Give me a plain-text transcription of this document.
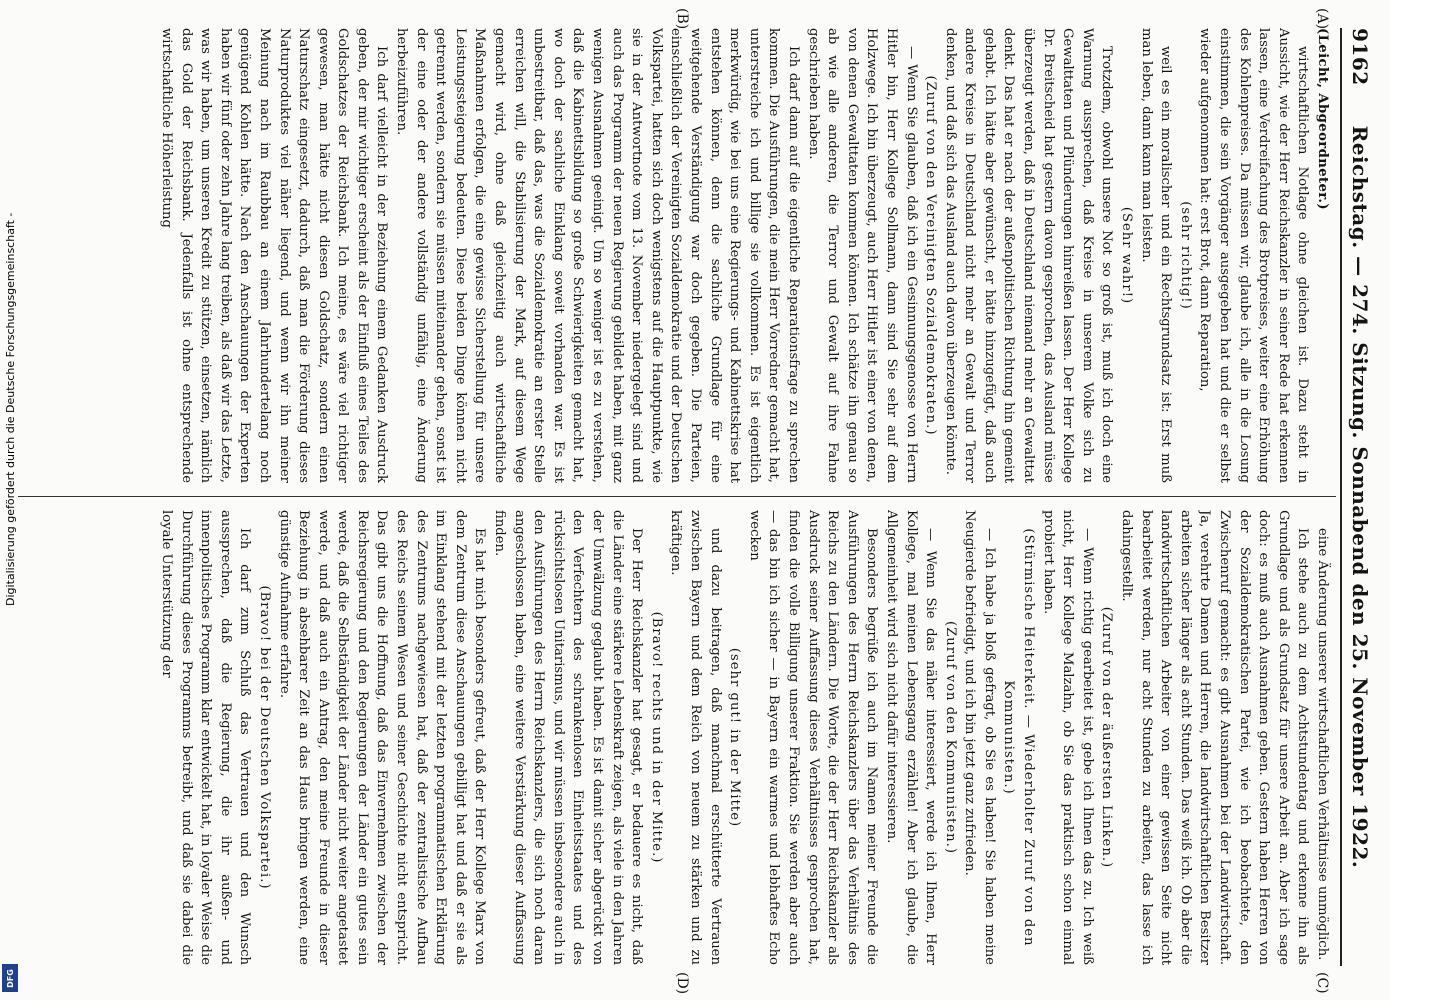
9162
Reichstag. — 274. Sitzung. Sonnabend den 25. November 1922.
(A)
(B)
(C)
(D)

(Leicht, Abgeordneter.)

wirtschaftlichen Notlage ohne gleichen ist. Dazu steht in Aussicht, wie der Herr Reichskanzler in seiner Rede hat erkennen lassen, eine Verdreifachung des Brotpreises, weiter eine Erhöhung des Kohlenpreises. Da müssen wir, glaube ich, alle in die Losung einstimmen, die sein Vorgänger ausgegeben hat und die er selbst wieder aufgenommen hat: erst Brot, dann Reparation,

(sehr richtig!)

weil es ein moralischer und ein Rechtsgrundsatz ist: Erst muß man leben, dann kann man leisten.

(Sehr wahr!)

Trotzdem, obwohl unsere Not so groß ist, muß ich doch eine Warnung aussprechen, daß Kreise in unserem Volke sich zu Gewalttaten und Plünderungen hinreißen lassen. Der Herr Kollege Dr. Breitscheid hat gestern davon gesprochen, das Ausland müsse überzeugt werden, daß in Deutschland niemand mehr an Gewalttat denkt. Das hat er nach der außenpolitischen Richtung hin gemeint gehabt. Ich hätte aber gewünscht, er hätte hinzugefügt, daß auch andere Kreise in Deutschland nicht mehr an Gewalt und Terror denken, und daß sich das Ausland auch davon überzeugen könnte.

(Zuruf von den Vereinigten Sozialdemokraten.)

— Wenn Sie glauben, daß ich ein Gesinnungsgenosse von Herrn Hitler bin, Herr Kollege Sollmann, dann sind Sie sehr auf dem Holzwege. Ich bin überzeugt, auch Herr Hitler ist einer von denen, von denen Gewalttaten kommen können. Ich schätze ihn genau so ab wie alle anderen, die Terror und Gewalt auf ihre Fahne geschrieben haben.

Ich darf dann auf die eigentliche Reparationsfrage zu sprechen kommen. Die Ausführungen, die mein Herr Vorredner gemacht hat, unterstreiche ich und billige sie vollkommen. Es ist eigentlich merkwürdig, wie bei uns eine Regierungs- und Kabinettskrise hat entstehen können, denn die sachliche Grundlage für eine weitgehende Verständigung war doch gegeben. Die Parteien, einschließlich der Vereinigten Sozialdemokratie und der Deutschen Volkspartei, hatten sich doch wenigstens auf die Hauptpunkte, wie sie in der Antwortnote vom 13. November niedergelegt sind und auch das Programm der neuen Regierung gebildet haben, mit ganz wenigen Ausnahmen geeinigt. Um so weniger ist es zu verstehen, daß die Kabinettsbildung so große Schwierigkeiten gemacht hat, wo doch der sachliche Einklang soweit vorhanden war. Es ist unbestreitbar, daß das, was die Sozialdemokratie an erster Stelle erreichen will, die Stabilisierung der Mark, auf diesem Wege gemacht wird, ohne daß gleichzeitig auch wirtschaftliche Maßnahmen erfolgen, die eine gewisse Sicherstellung für unsere Leistungssteigerung bedeuten. Diese beiden Dinge können nicht getrennt werden, sondern sie müssen miteinander gehen, sonst ist der eine oder der andere vollständig unfähig, eine Änderung herbeizuführen.

Ich darf vielleicht in der Beziehung einem Gedanken Ausdruck geben, der mir wichtiger erscheint als der Einfluß eines Teiles des Goldschatzes der Reichsbank. Ich meine, es wäre viel richtiger gewesen, man hätte nicht diesen Goldschatz, sondern einen Naturschatz eingesetzt, dadurch, daß man die Förderung dieses Naturproduktes viel näher liegend, und wenn wir ihn meiner Meinung nach im Raubbau an einem Jahrhundertelang noch genügend Kohlen hätte. Nach den Anschauungen der Experten haben wir fünf oder zehn Jahre lang treiben, als daß wir das Letzte, was wir haben, um unseren Kredit zu stützen, einsetzen, nämlich das Gold der Reichsbank. Jedenfalls ist ohne entsprechende wirtschaftliche Höherleistung

eine Änderung unserer wirtschaftlichen Verhältnisse unmöglich.

Ich stehe auch zu dem Achtstundentag und erkenne ihn als Grundlage und als Grundsatz für unsere Arbeit an. Aber ich sage doch: es muß auch Ausnahmen geben. Gestern haben Herren von der Sozialdemokratischen Partei, wie ich beobachtete, den Zwischenruf gemacht: es gibt Ausnahmen bei der Landwirtschaft. Ja, verehrte Damen und Herren, die landwirtschaftlichen Besitzer arbeiten sicher länger als acht Stunden. Das weiß ich. Ob aber die landwirtschaftlichen Arbeiter von einer gewissen Seite nicht bearbeitet werden, nur acht Stunden zu arbeiten, das lasse ich dahingestellt.

(Zuruf von der äußersten Linken.)

— Wenn richtig gearbeitet ist, gebe ich Ihnen das zu. Ich weiß nicht, Herr Kollege Malzahn, ob Sie das praktisch schon einmal probiert haben.

(Stürmische Heiterkeit. — Wiederholter Zuruf von den Kommunisten.)

— Ich habe ja bloß gefragt, ob Sie es haben! Sie haben meine Neugierde befriedigt, und ich bin jetzt ganz zufrieden.

(Zuruf von den Kommunisten.)

— Wenn Sie das näher interessiert, werde ich Ihnen, Herr Kollege, mal meinen Lebensgang erzählen! Aber ich glaube, die Allgemeinheit wird sich nicht dafür interessieren.

Besonders begrüße ich auch im Namen meiner Freunde die Ausführungen des Herrn Reichskanzlers über das Verhältnis des Reichs zu den Ländern. Die Worte, die der Herr Reichskanzler als Ausdruck seiner Auffassung dieses Verhältnisses gesprochen hat, finden die volle Billigung unserer Fraktion. Sie werden aber auch — das bin ich sicher — in Bayern ein warmes und lebhaftes Echo wecken

(sehr gut! in der Mitte)

und dazu beitragen, daß manchmal erschütterte Vertrauen zwischen Bayern und dem Reich von neuem zu stärken und zu kräftigen.

(Bravo! rechts und in der Mitte.)

Der Herr Reichskanzler hat gesagt, er bedauere es nicht, daß die Länder eine stärkere Lebenskraft zeigen, als viele in den Jahren der Umwälzung geglaubt haben. Es ist damit sicher abgerückt von den Verfechtern des schrankenlosen Einheitsstaates und des rücksichtslosen Unitarismus, und wir müssen insbesondere auch in den Ausführungen des Herrn Reichskanzlers, die sich noch daran angeschlossen haben, eine weitere Verstärkung dieser Auffassung finden.

Es hat mich besonders gefreut, daß der Herr Kollege Marx von dem Zentrum diese Anschauungen gebilligt hat und daß er sie als im Einklang stehend mit der letzten programmatischen Erklärung des Zentrums nachgewiesen hat, daß der zentralistische Aufbau des Reichs seinem Wesen und seiner Geschichte nicht entspricht. Das gibt uns die Hoffnung, daß das Einvernehmen zwischen der Reichsregierung und den Regierungen der Länder ein gutes sein werde, daß die Selbständigkeit der Länder nicht weiter angetastet werde, und daß auch ein Antrag, den meine Freunde in dieser Beziehung in absehbarer Zeit an das Haus bringen werden, eine günstige Aufnahme erfahre.

(Bravo! bei der Deutschen Volkspartei.)

Ich darf zum Schluß das Vertrauen und den Wunsch aussprechen, daß die Regierung, die ihr außen- und innenpolitisches Programm klar entwickelt hat, in loyaler Weise die Durchführung dieses Programms betreibt, und daß sie dabei die loyale Unterstützung der

Digitalisierung gefördert durch die Deutsche Forschungsgemeinschaft -
DFG
